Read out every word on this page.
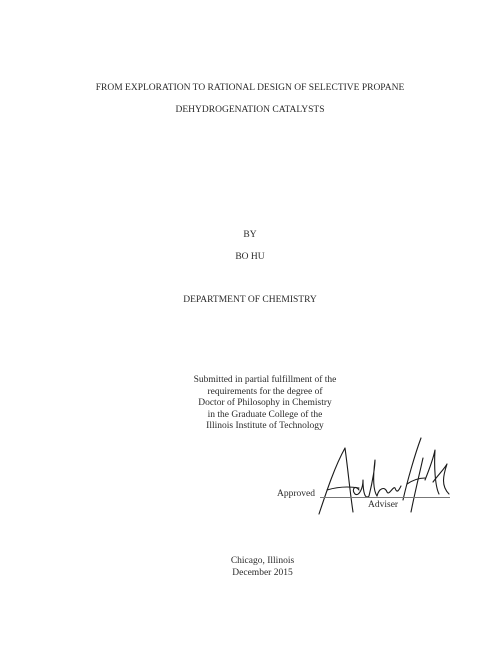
FROM EXPLORATION TO RATIONAL DESIGN OF SELECTIVE PROPANE
DEHYDROGENATION CATALYSTS
BY
BO HU
DEPARTMENT OF CHEMISTRY
Submitted in partial fulfillment of the
requirements for the degree of
Doctor of Philosophy in Chemistry
in the Graduate College of the
Illinois Institute of Technology
Approved
Adviser
Chicago, Illinois
December 2015
